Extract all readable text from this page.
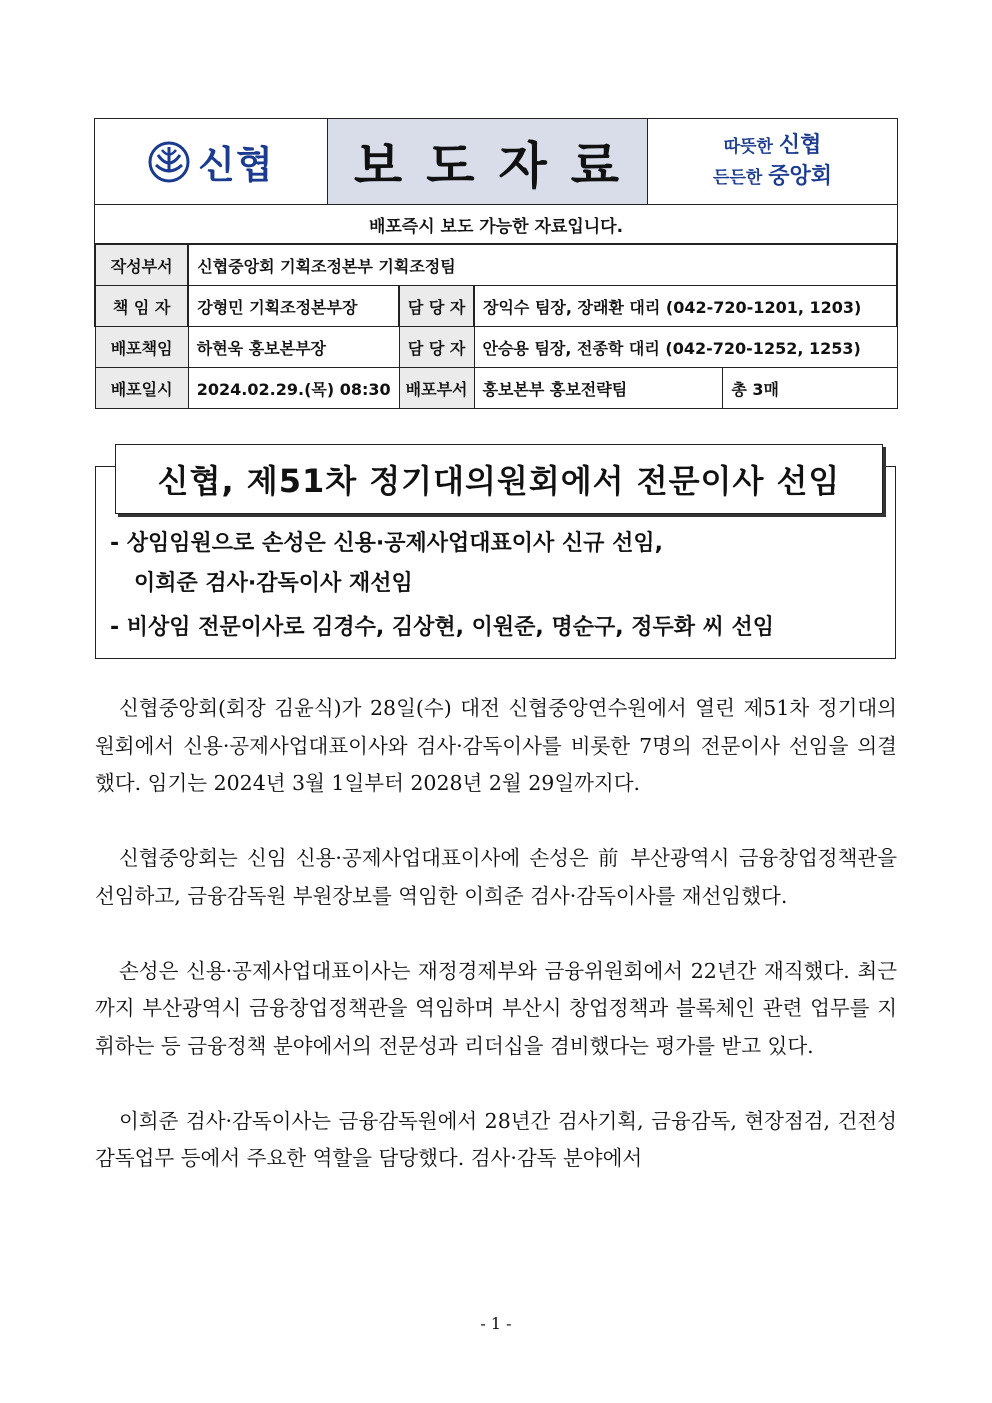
신협	보도자료	따뜻한 신협
든든한 중앙회
배포즉시 보도 가능한 자료입니다.
작성부서	신협중앙회 기획조정본부 기획조정팀			
책 임 자	강형민 기획조정본부장	담 당 자	장익수 팀장, 장래환 대리 (042-720-1201, 1203)	
배포책임	하현욱 홍보본부장	담 당 자	안승용 팀장, 전종학 대리 (042-720-1252, 1253)	
배포일시	2024.02.29.(목) 08:30	배포부서	홍보본부 홍보전략팀	총 3매
신협, 제51차 정기대의원회에서 전문이사 선임
- 상임임원으로 손성은 신용·공제사업대표이사 신규 선임,
이희준 검사·감독이사 재선임
- 비상임 전문이사로 김경수, 김상현, 이원준, 명순구, 정두화 씨 선임

신협중앙회(회장 김윤식)가 28일(수) 대전 신협중앙연수원에서 열린 제51차 정기대의원회에서 신용·공제사업대표이사와 검사·감독이사를 비롯한 7명의 전문이사 선임을 의결했다. 임기는 2024년 3월 1일부터 2028년 2월 29일까지다.

신협중앙회는 신임 신용·공제사업대표이사에 손성은 前 부산광역시 금융창업정책관을 선임하고, 금융감독원 부원장보를 역임한 이희준 검사·감독이사를 재선임했다.

손성은 신용·공제사업대표이사는 재정경제부와 금융위원회에서 22년간 재직했다. 최근까지 부산광역시 금융창업정책관을 역임하며 부산시 창업정책과 블록체인 관련 업무를 지휘하는 등 금융정책 분야에서의 전문성과 리더십을 겸비했다는 평가를 받고 있다.

이희준 검사·감독이사는 금융감독원에서 28년간 검사기획, 금융감독, 현장점검, 건전성 감독업무 등에서 주요한 역할을 담당했다. 검사·감독 분야에서

- 1 -
